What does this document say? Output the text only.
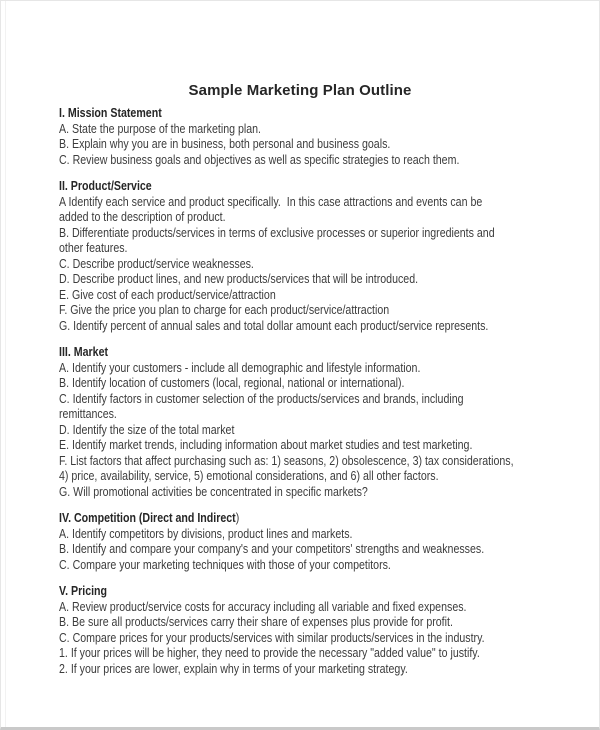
Sample Marketing Plan Outline
I. Mission Statement
A. State the purpose of the marketing plan.
B. Explain why you are in business, both personal and business goals.
C. Review business goals and objectives as well as specific strategies to reach them.
II. Product/Service
A Identify each service and product specifically.  In this case attractions and events can be
added to the description of product.
B. Differentiate products/services in terms of exclusive processes or superior ingredients and
other features.
C. Describe product/service weaknesses.
D. Describe product lines, and new products/services that will be introduced.
E. Give cost of each product/service/attraction
F. Give the price you plan to charge for each product/service/attraction
G. Identify percent of annual sales and total dollar amount each product/service represents.
III. Market
A. Identify your customers - include all demographic and lifestyle information.
B. Identify location of customers (local, regional, national or international).
C. Identify factors in customer selection of the products/services and brands, including
remittances.
D. Identify the size of the total market
E. Identify market trends, including information about market studies and test marketing.
F. List factors that affect purchasing such as: 1) seasons, 2) obsolescence, 3) tax considerations,
4) price, availability, service, 5) emotional considerations, and 6) all other factors.
G. Will promotional activities be concentrated in specific markets?
IV. Competition (Direct and Indirect)
A. Identify competitors by divisions, product lines and markets.
B. Identify and compare your company's and your competitors' strengths and weaknesses.
C. Compare your marketing techniques with those of your competitors.
V. Pricing
A. Review product/service costs for accuracy including all variable and fixed expenses.
B. Be sure all products/services carry their share of expenses plus provide for profit.
C. Compare prices for your products/services with similar products/services in the industry.
1. If your prices will be higher, they need to provide the necessary "added value" to justify.
2. If your prices are lower, explain why in terms of your marketing strategy.
